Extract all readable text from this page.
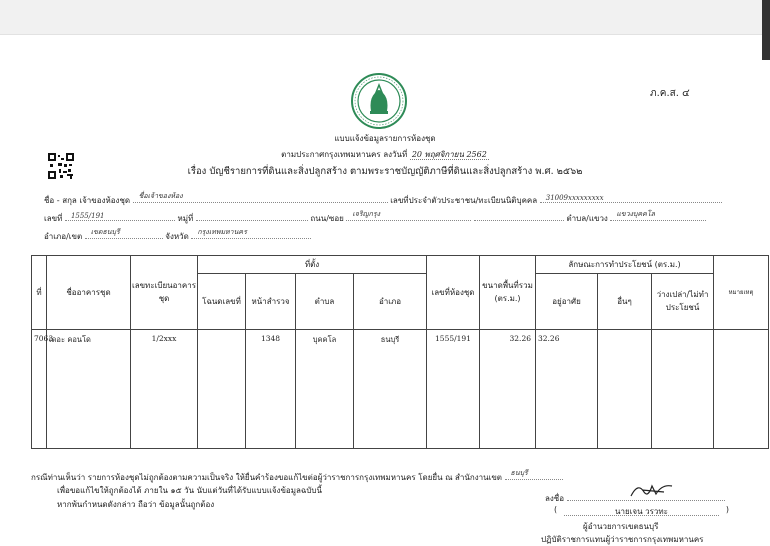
ภ.ค.ส. ๔
แบบแจ้งข้อมูลรายการห้องชุด
ตามประกาศกรุงเทพมหานคร ลงวันที่ 20 พฤศจิกายน 2562
เรื่อง บัญชีรายการที่ดินและสิ่งปลูกสร้าง ตามพระราชบัญญัติภาษีที่ดินและสิ่งปลูกสร้าง พ.ศ. ๒๕๖๒
ชื่อ - สกุล เจ้าของห้องชุด ชื่อเจ้าของห้อง	เลขที่ประจำตัวประชาชน/ทะเบียนนิติบุคคล 31009xxxxxxxxx
เลขที่ 1555/191	หมู่ที่	ถนน/ซอย เจริญกรุง	ตำบล/แขวง แขวงบุคคโล
อำเภอ/เขต เขตธนบุรี	จังหวัด กรุงเทพมหานคร
ที่	ชื่ออาคารชุด	เลขทะเบียนอาคารชุด	ที่ตั้ง				เลขที่ห้องชุด	ขนาดพื้นที่รวม (ตร.ม.)	ลักษณะการทำประโยชน์ (ตร.ม.)			หมายเหตุ
			โฉนดเลขที่	หน้าสำรวจ	ตำบล	อำเภอ			อยู่อาศัย	อื่นๆ	ว่างเปล่า/ไม่ทำประโยชน์	
7063	เดอะ คอนโด	1/2xxx		1348	บุคคโล	ธนบุรี	1555/191	32.26	32.26			
กรณีท่านเห็นว่า รายการห้องชุดไม่ถูกต้องตามความเป็นจริง ให้ยื่นคำร้องขอแก้ไขต่อผู้ว่าราชการกรุงเทพมหานคร โดยยื่น ณ สำนักงานเขต ธนบุรี
เพื่อขอแก้ไขให้ถูกต้องได้ ภายใน ๑๕ วัน นับแต่วันที่ได้รับแบบแจ้งข้อมูลฉบับนี้
หากพ้นกำหนดดังกล่าว ถือว่า ข้อมูลนั้นถูกต้อง
ลงชื่อ
(	นายเจน วรวทะ	)
ผู้อำนวยการเขตธนบุรี
ปฏิบัติราชการแทนผู้ว่าราชการกรุงเทพมหานคร
